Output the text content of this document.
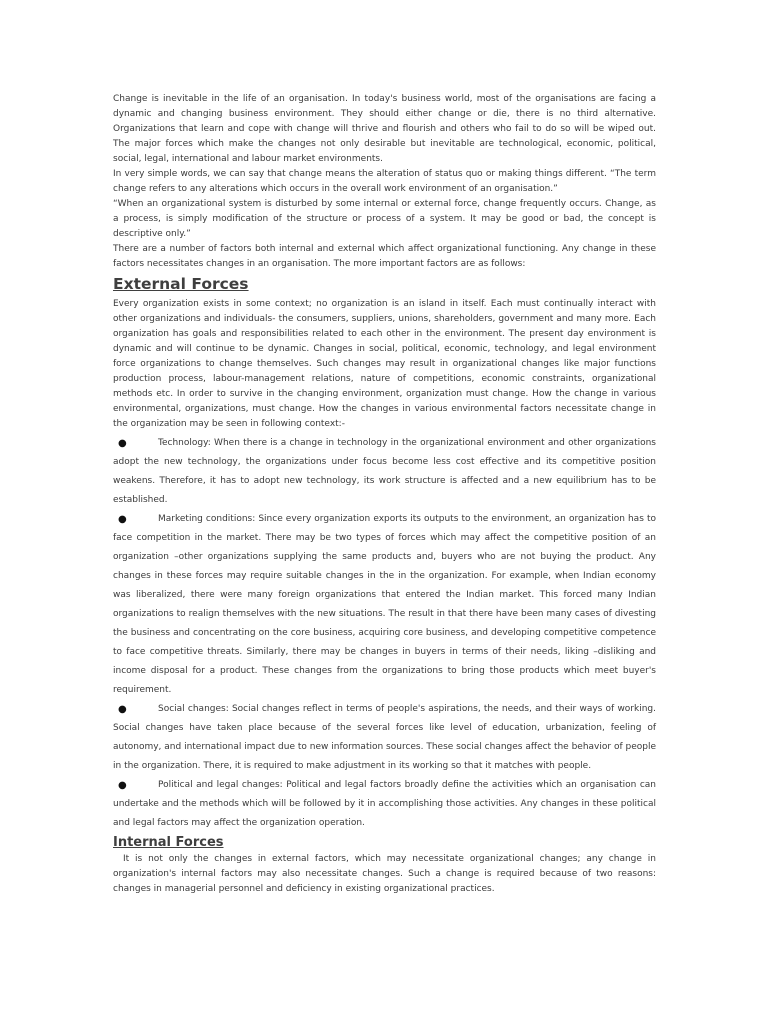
Change is inevitable in the life of an organisation. In today's business world, most of the organisations are facing a dynamic and changing business environment. They should either change or die, there is no third alternative. Organizations that learn and cope with change will thrive and flourish and others who fail to do so will be wiped out. The major forces which make the changes not only desirable but inevitable are technological, economic, political, social, legal, international and labour market environments.

In very simple words, we can say that change means the alteration of status quo or making things different. “The term change refers to any alterations which occurs in the overall work environment of an organisation.”

“When an organizational system is disturbed by some internal or external force, change frequently occurs. Change, as a process, is simply modification of the structure or process of a system. It may be good or bad, the concept is descriptive only.”

There are a number of factors both internal and external which affect organizational functioning. Any change in these factors necessitates changes in an organisation. The more important factors are as follows:

External Forces

Every organization exists in some context; no organization is an island in itself. Each must continually interact with other organizations and individuals- the consumers, suppliers, unions, shareholders, government and many more. Each organization has goals and responsibilities related to each other in the environment. The present day environment is dynamic and will continue to be dynamic. Changes in social, political, economic, technology, and legal environment force organizations to change themselves. Such changes may result in organizational changes like major functions production process, labour-management relations, nature of competitions, economic constraints, organizational methods etc. In order to survive in the changing environment, organization must change. How the change in various environmental, organizations, must change. How the changes in various environmental factors necessitate change in the organization may be seen in following context:-

●	Technology: When there is a change in technology in the organizational environment and other organizations adopt the new technology, the organizations under focus become less cost effective and its competitive position weakens. Therefore, it has to adopt new technology, its work structure is affected and a new equilibrium has to be established.
●	Marketing conditions: Since every organization exports its outputs to the environment, an organization has to face competition in the market. There may be two types of forces which may affect the competitive position of an organization –other organizations supplying the same products and, buyers who are not buying the product. Any changes in these forces may require suitable changes in the in the organization. For example, when Indian economy was liberalized, there were many foreign organizations that entered the Indian market. This forced many Indian organizations to realign themselves with the new situations. The result in that there have been many cases of divesting the business and concentrating on the core business, acquiring core business, and developing competitive competence to face competitive threats. Similarly, there may be changes in buyers in terms of their needs, liking –disliking and income disposal for a product. These changes from the organizations to bring those products which meet buyer's requirement.
●	Social changes: Social changes reflect in terms of people's aspirations, the needs, and their ways of working. Social changes have taken place because of the several forces like level of education, urbanization, feeling of autonomy, and international impact due to new information sources. These social changes affect the behavior of people in the organization. There, it is required to make adjustment in its working so that it matches with people.
●	Political and legal changes: Political and legal factors broadly define the activities which an organisation can undertake and the methods which will be followed by it in accomplishing those activities. Any changes in these political and legal factors may affect the organization operation.
Internal Forces

It is not only the changes in external factors, which may necessitate organizational changes; any change in organization's internal factors may also necessitate changes. Such a change is required because of two reasons: changes in managerial personnel and deficiency in existing organizational practices.
